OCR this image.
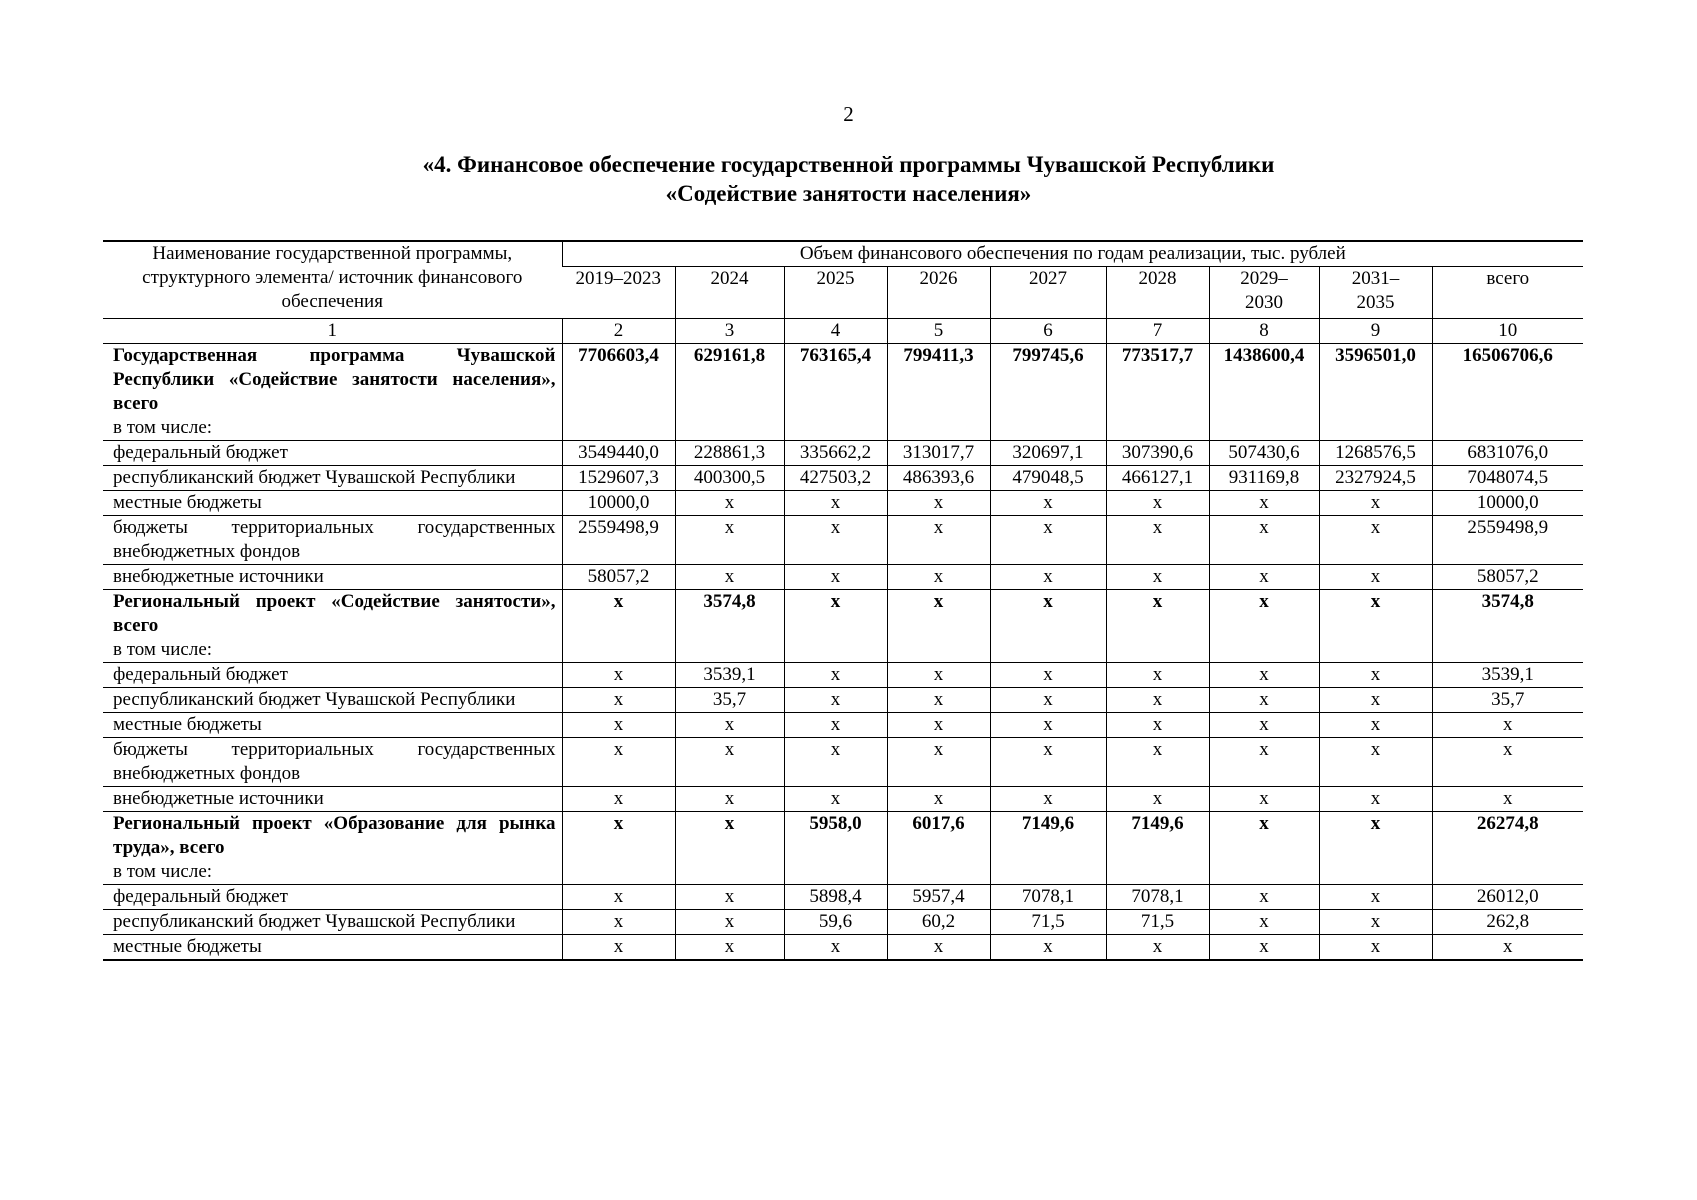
2
«4. Финансовое обеспечение государственной программы Чувашской Республики
«Содействие занятости населения»
Наименование государственной программы, структурного элемента/ источник финансового обеспечения	Объем финансового обеспечения по годам реализации, тыс. рублей								
	2019–2023	2024	2025	2026	2027	2028	2029– 2030	2031– 2035	всего
1	2	3	4	5	6	7	8	9	10
Государственная программа Чувашской Республики «Содействие занятости населения», всего
в том числе:	7706603,4	629161,8	763165,4	799411,3	799745,6	773517,7	1438600,4	3596501,0	16506706,6
федеральный бюджет	3549440,0	228861,3	335662,2	313017,7	320697,1	307390,6	507430,6	1268576,5	6831076,0
республиканский бюджет Чувашской Республики	1529607,3	400300,5	427503,2	486393,6	479048,5	466127,1	931169,8	2327924,5	7048074,5
местные бюджеты	10000,0	х	х	х	х	х	х	х	10000,0
бюджеты территориальных государственных внебюджетных фондов	2559498,9	х	х	х	х	х	х	х	2559498,9
внебюджетные источники	58057,2	х	х	х	х	х	х	х	58057,2
Региональный проект «Содействие занятости», всего
в том числе:	х	3574,8	х	х	х	х	х	х	3574,8
федеральный бюджет	х	3539,1	х	х	х	х	х	х	3539,1
республиканский бюджет Чувашской Республики	х	35,7	х	х	х	х	х	х	35,7
местные бюджеты	х	х	х	х	х	х	х	х	х
бюджеты территориальных государственных внебюджетных фондов	х	х	х	х	х	х	х	х	х
внебюджетные источники	х	х	х	х	х	х	х	х	х
Региональный проект «Образование для рынка труда», всего
в том числе:	х	х	5958,0	6017,6	7149,6	7149,6	х	х	26274,8
федеральный бюджет	х	х	5898,4	5957,4	7078,1	7078,1	х	х	26012,0
республиканский бюджет Чувашской Республики	х	х	59,6	60,2	71,5	71,5	х	х	262,8
местные бюджеты	х	х	х	х	х	х	х	х	х
